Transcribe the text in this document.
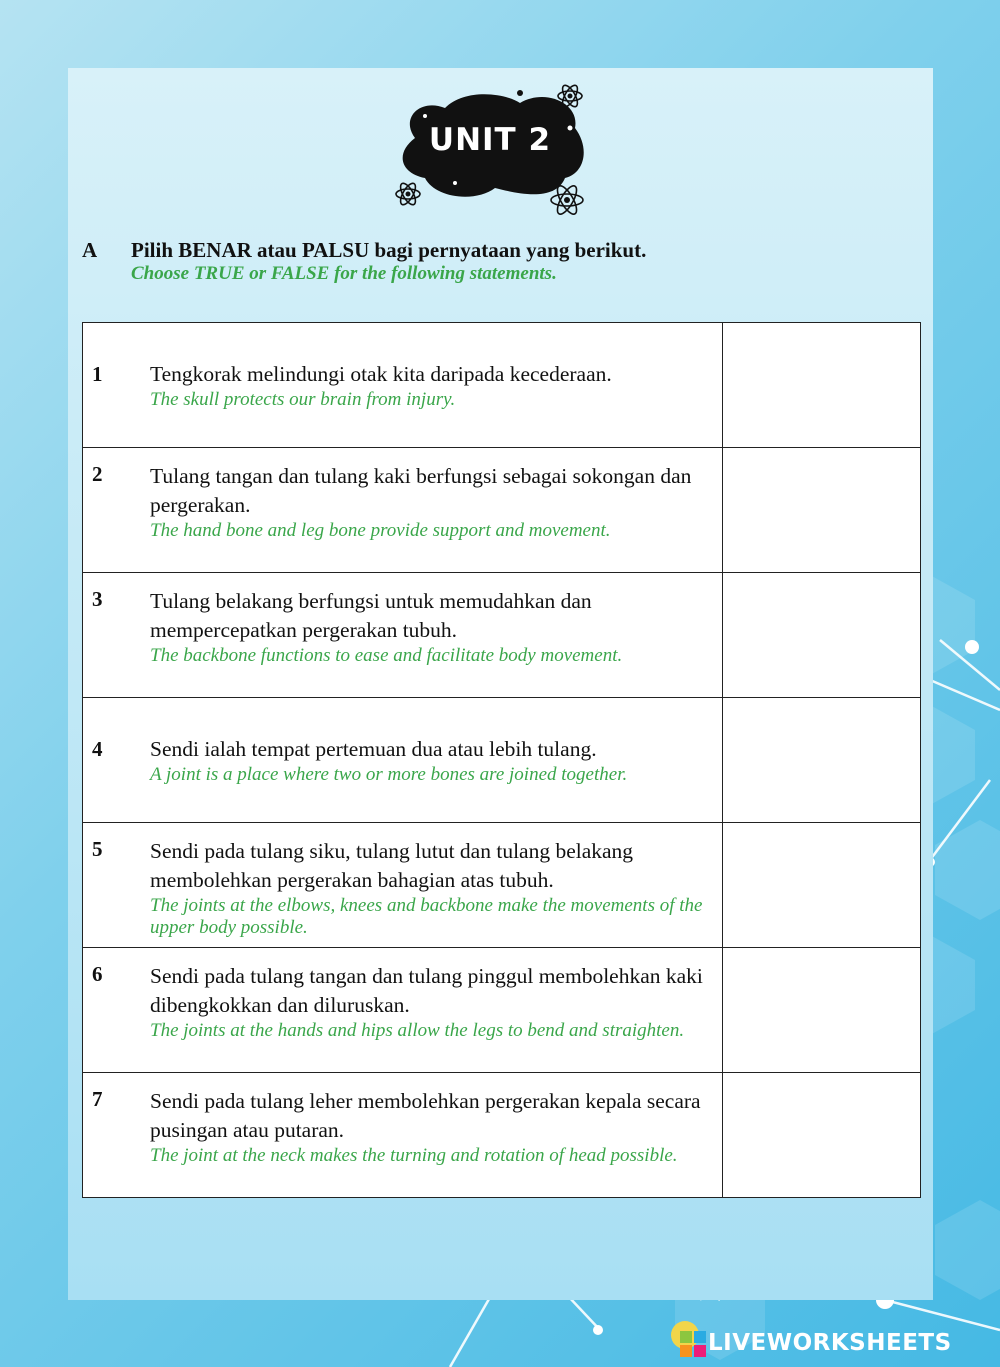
UNIT 2
A Pilih BENAR atau PALSU bagi pernyataan yang berikut.
Choose TRUE or FALSE for the following statements.
1 Tengkorak melindungi otak kita daripada kecederaan.
The skull protects our brain from injury.	

2 Tulang tangan dan tulang kaki berfungsi sebagai sokongan dan pergerakan.
The hand bone and leg bone provide support and movement.	

3 Tulang belakang berfungsi untuk memudahkan dan mempercepatkan pergerakan tubuh.
The backbone functions to ease and facilitate body movement.	

4 Sendi ialah tempat pertemuan dua atau lebih tulang.
A joint is a place where two or more bones are joined together.	

5 Sendi pada tulang siku, tulang lutut dan tulang belakang membolehkan pergerakan bahagian atas tubuh.
The joints at the elbows, knees and backbone make the movements of the upper body possible.	

6 Sendi pada tulang tangan dan tulang pinggul membolehkan kaki dibengkokkan dan diluruskan.
The joints at the hands and hips allow the legs to bend and straighten.	

7 Sendi pada tulang leher membolehkan pergerakan kepala secara pusingan atau putaran.
The joint at the neck makes the turning and rotation of head possible.	

LIVEWORKSHEETS
